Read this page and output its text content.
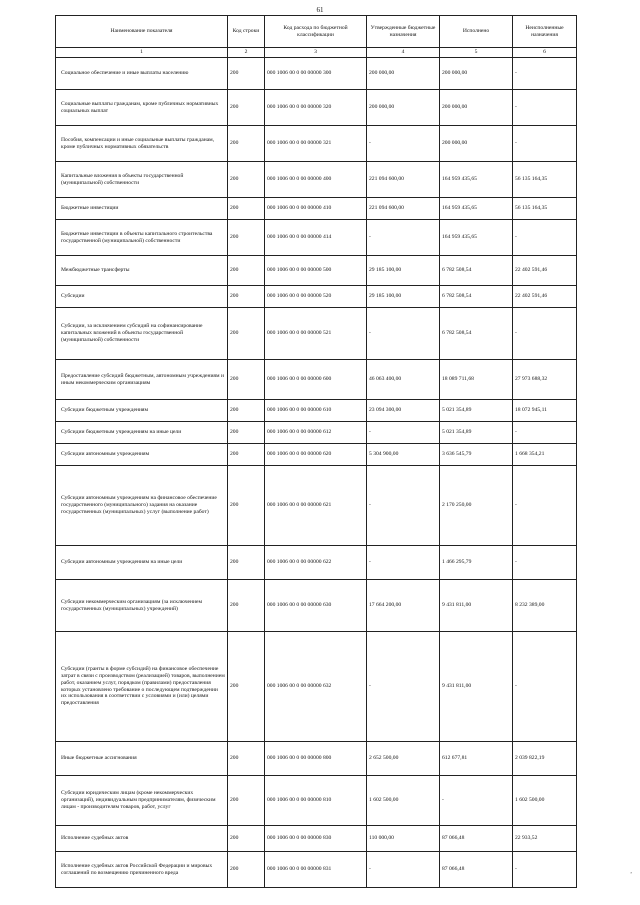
61
Наименование показателя	Код строки	Код расхода по бюджетной классификации	Утвержденные бюджетные назначения	Исполнено	Неисполненные назначения
1	2	3	4	5	6
Социальное обеспечение и иные выплаты населению	200	000 1006 00 0 00 00000 300	200 000,00	200 000,00	-
Социальные выплаты гражданам, кроме публичных нормативных социальных выплат	200	000 1006 00 0 00 00000 320	200 000,00	200 000,00	-
Пособия, компенсации и иные социальные выплаты гражданам, кроме публичных нормативных обязательств	200	000 1006 00 0 00 00000 321	-	200 000,00	-
Капитальные вложения в объекты государственной (муниципальной) собственности	200	000 1006 00 0 00 00000 400	221 094 600,00	164 959 435,65	56 135 164,35
Бюджетные инвестиции	200	000 1006 00 0 00 00000 410	221 094 600,00	164 959 435,65	56 135 164,35
Бюджетные инвестиции в объекты капитального строительства государственной (муниципальной) собственности	200	000 1006 00 0 00 00000 414	-	164 959 435,65	-
Межбюджетные трансферты	200	000 1006 00 0 00 00000 500	29 185 100,00	6 782 508,54	22 402 591,46
Субсидии	200	000 1006 00 0 00 00000 520	29 185 100,00	6 782 508,54	22 402 591,46
Субсидии, за исключением субсидий на софинансирование капитальных вложений в объекты государственной (муниципальной) собственности	200	000 1006 00 0 00 00000 521	-	6 782 508,54	-
Предоставление субсидий бюджетным, автономным учреждениям и иным некоммерческим организациям	200	000 1006 00 0 00 00000 600	46 063 400,00	18 089 711,68	27 973 688,32
Субсидии бюджетным учреждениям	200	000 1006 00 0 00 00000 610	23 094 300,00	5 021 354,89	18 072 945,11
Субсидии бюджетным учреждениям на иные цели	200	000 1006 00 0 00 00000 612	-	5 021 354,89	-
Субсидии автономным учреждениям	200	000 1006 00 0 00 00000 620	5 304 900,00	3 636 545,79	1 668 354,21
Субсидии автономным учреждениям на финансовое обеспечение государственного (муниципального) задания на оказание государственных (муниципальных) услуг (выполнение работ)	200	000 1006 00 0 00 00000 621	-	2 170 250,00	-
Субсидии автономным учреждениям на иные цели	200	000 1006 00 0 00 00000 622	-	1 466 295,79	-
Субсидии некоммерческим организациям (за исключением государственных (муниципальных) учреждений)	200	000 1006 00 0 00 00000 630	17 664 200,00	9 431 811,00	8 232 389,00
Субсидии (гранты в форме субсидий) на финансовое обеспечение затрат в связи с производством (реализацией) товаров, выполнением работ, оказанием услуг, порядком (правилами) предоставления которых установлено требование о последующем подтверждении их использования в соответствии с условиями и (или) целями предоставления	200	000 1006 00 0 00 00000 632	-	9 431 811,00	-
Иные бюджетные ассигнования	200	000 1006 00 0 00 00000 800	2 652 500,00	612 677,81	2 039 822,19
Субсидии юридическим лицам (кроме некоммерческих организаций), индивидуальным предпринимателям, физическим лицам - производителям товаров, работ, услуг	200	000 1006 00 0 00 00000 810	1 602 500,00	-	1 602 500,00
Исполнение судебных актов	200	000 1006 00 0 00 00000 830	110 000,00	87 066,48	22 933,52
Исполнение судебных актов Российской Федерации и мировых соглашений по возмещению причиненного вреда	200	000 1006 00 0 00 00000 831	-	87 066,48	-	,
